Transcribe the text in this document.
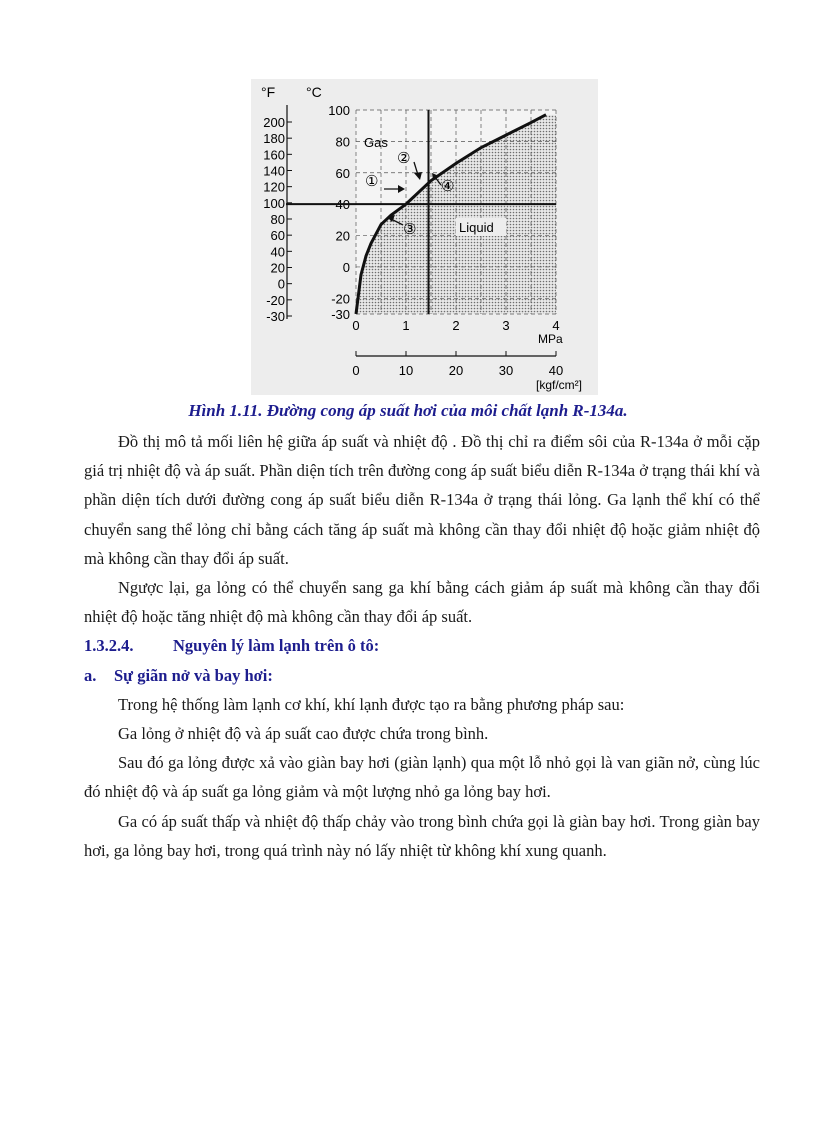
100
80
60
40
20
0
-20
-30
200
180
160
140
120
100
80
60
40
20
0
-20
-30
0	1	2	3	4
0	10	20	30	40
°F °C
MPa
[kgf/cm²]
Gas
Liquid
①
②
③
④
Hình 1.11. Đường cong áp suất hơi của môi chất lạnh R-134a.

Đồ thị mô tả mối liên hệ giữa áp suất và nhiệt độ . Đồ thị chỉ ra điểm sôi của R-134a ở mỗi cặp giá trị nhiệt độ và áp suất. Phần diện tích trên đường cong áp suất biểu diễn R-134a ở trạng thái khí và phần diện tích dưới đường cong áp suất biểu diễn R-134a ở trạng thái lỏng. Ga lạnh thể khí có thể chuyển sang thể lỏng chỉ bằng cách tăng áp suất mà không cần thay đổi nhiệt độ hoặc giảm nhiệt độ mà không cần thay đổi áp suất.

Ngược lại, ga lỏng có thể chuyển sang ga khí bằng cách giảm áp suất mà không cần thay đổi nhiệt độ hoặc tăng nhiệt độ mà không cần thay đổi áp suất.

1.3.2.4. Nguyên lý làm lạnh trên ô tô:

a. Sự giãn nở và bay hơi:

Trong hệ thống làm lạnh cơ khí, khí lạnh được tạo ra bằng phương pháp sau:

Ga lỏng ở nhiệt độ và áp suất cao được chứa trong bình.

Sau đó ga lỏng được xả vào giàn bay hơi (giàn lạnh) qua một lỗ nhỏ gọi là van giãn nở, cùng lúc đó nhiệt độ và áp suất ga lỏng giảm và một lượng nhỏ ga lỏng bay hơi.

Ga có áp suất thấp và nhiệt độ thấp chảy vào trong bình chứa gọi là giàn bay hơi. Trong giàn bay hơi, ga lỏng bay hơi, trong quá trình này nó lấy nhiệt từ không khí xung quanh.
